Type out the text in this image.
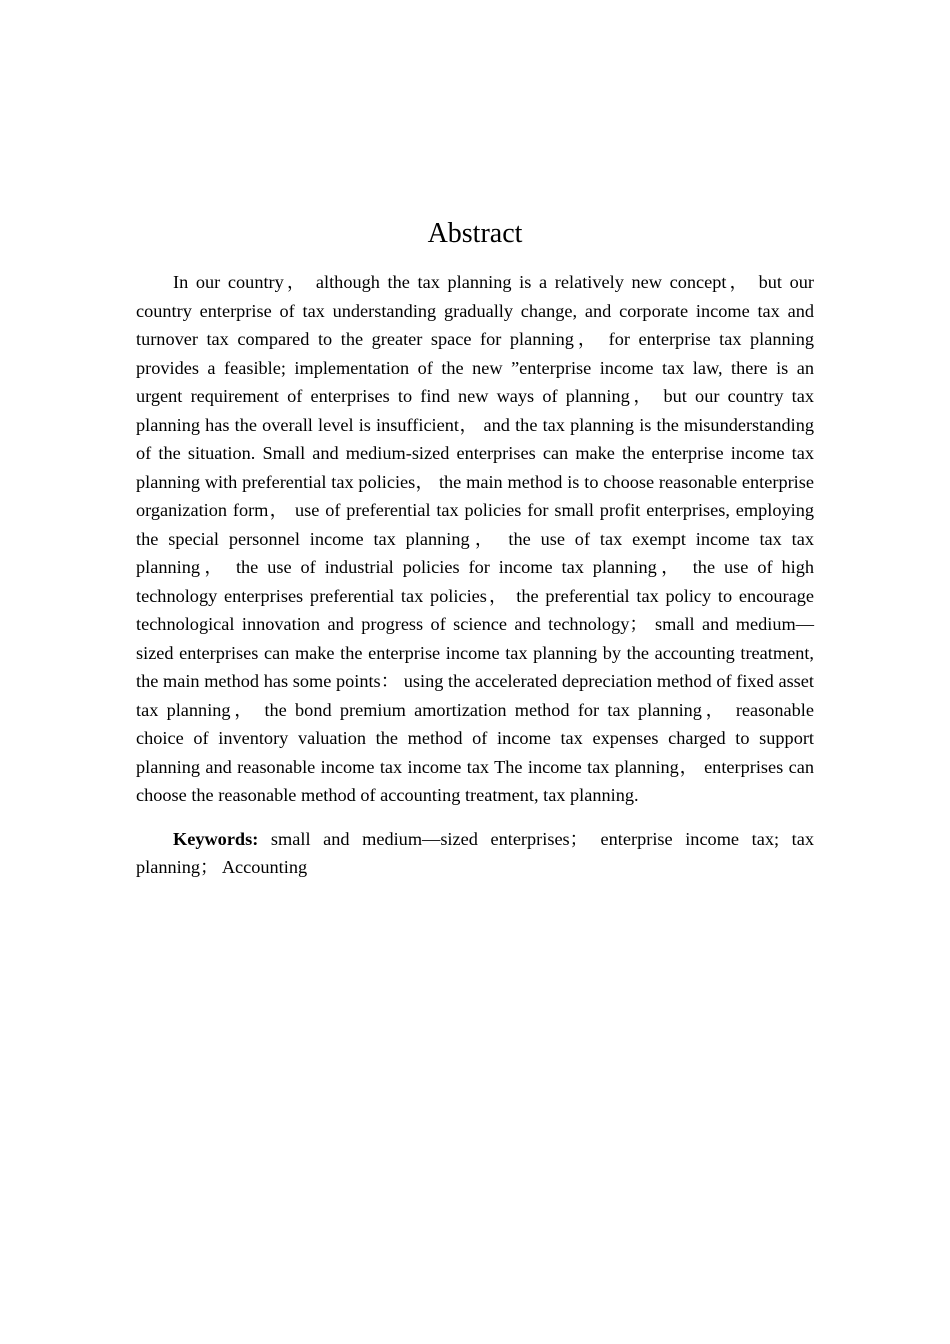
Abstract

In our country， although the tax planning is a relatively new concept， but our country enterprise of tax understanding gradually change, and corporate income tax and turnover tax compared to the greater space for planning， for enterprise tax planning provides a feasible; implementation of the new ”enterprise income tax law, there is an urgent requirement of enterprises to find new ways of planning， but our country tax planning has the overall level is insufficient， and the tax planning is the misunderstanding of the situation. Small and medium-sized enterprises can make the enterprise income tax planning with preferential tax policies， the main method is to choose reasonable enterprise organization form， use of preferential tax policies for small profit enterprises, employing the special personnel income tax planning， the use of tax exempt income tax tax planning， the use of industrial policies for income tax planning， the use of high technology enterprises preferential tax policies， the preferential tax policy to encourage technological innovation and progress of science and technology； small and medium—sized enterprises can make the enterprise income tax planning by the accounting treatment, the main method has some points： using the accelerated depreciation method of fixed asset tax planning， the bond premium amortization method for tax planning， reasonable choice of inventory valuation the method of income tax expenses charged to support planning and reasonable income tax income tax The income tax planning， enterprises can choose the reasonable method of accounting treatment, tax planning.

Keywords: small and medium—sized enterprises； enterprise income tax; tax planning； Accounting
